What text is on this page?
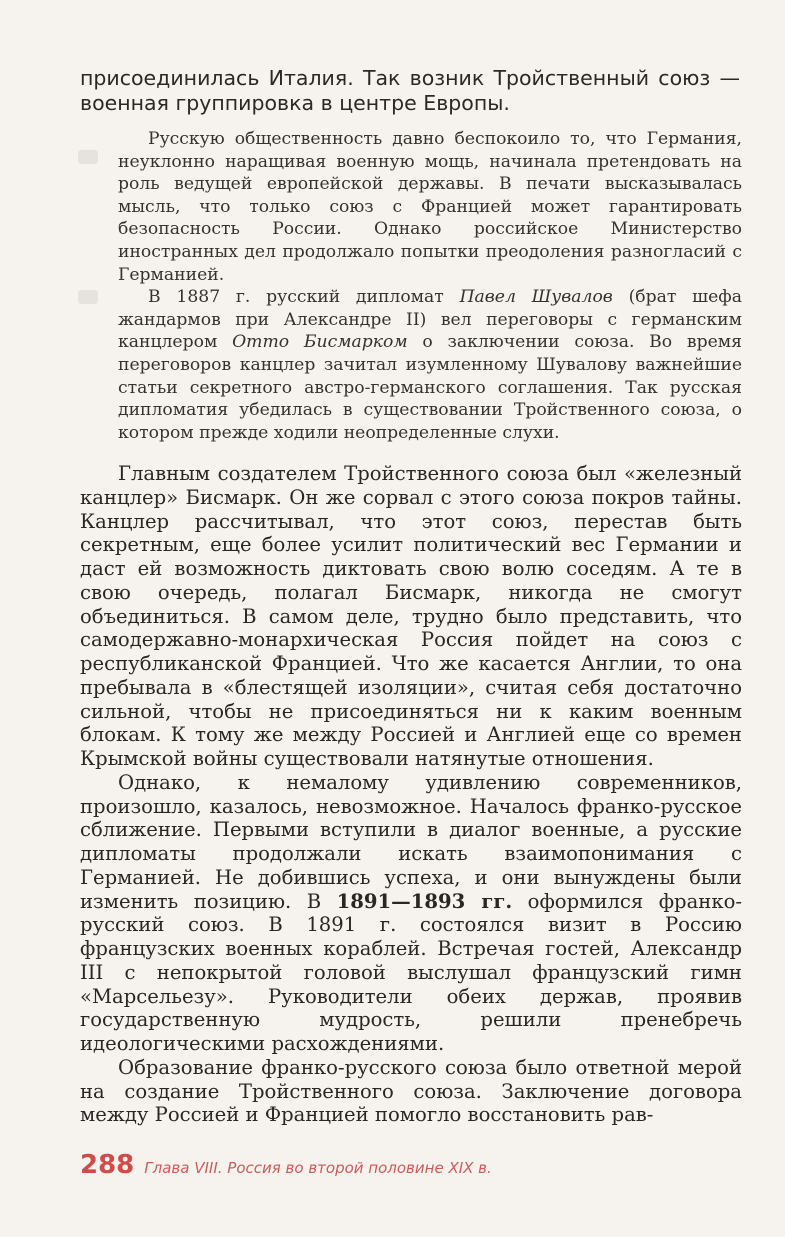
присоединилась Италия. Так возник Тройственный союз — военная группировка в центре Европы.

Русскую общественность давно беспокоило то, что Германия, неуклонно наращивая военную мощь, начинала претендовать на роль ведущей европейской державы. В печати высказывалась мысль, что только союз с Францией может гарантировать безопасность России. Однако российское Министерство иностранных дел продолжало попытки преодоления разногласий с Германией.

В 1887 г. русский дипломат Павел Шувалов (брат шефа жандармов при Александре II) вел переговоры с германским канцлером Отто Бисмарком о заключении союза. Во время переговоров канцлер зачитал изумленному Шувалову важнейшие статьи секретного австро-германского соглашения. Так русская дипломатия убедилась в существовании Тройственного союза, о котором прежде ходили неопределенные слухи.

Главным создателем Тройственного союза был «железный канцлер» Бисмарк. Он же сорвал с этого союза покров тайны. Канцлер рассчитывал, что этот союз, перестав быть секретным, еще более усилит политический вес Германии и даст ей возможность диктовать свою волю соседям. А те в свою очередь, полагал Бисмарк, никогда не смогут объединиться. В самом деле, трудно было представить, что самодержавно-монархическая Россия пойдет на союз с республиканской Францией. Что же касается Англии, то она пребывала в «блестящей изоляции», считая себя достаточно сильной, чтобы не присоединяться ни к каким военным блокам. К тому же между Россией и Англией еще со времен Крымской войны существовали натянутые отношения.

Однако, к немалому удивлению современников, произошло, казалось, невозможное. Началось франко-русское сближение. Первыми вступили в диалог военные, а русские дипломаты продолжали искать взаимопонимания с Германией. Не добившись успеха, и они вынуждены были изменить позицию. В 1891—1893 гг. оформился франко-русский союз. В 1891 г. состоялся визит в Россию французских военных кораблей. Встречая гостей, Александр III с непокрытой головой выслушал французский гимн «Марсельезу». Руководители обеих держав, проявив государственную мудрость, решили пренебречь идеологическими расхождениями.

Образование франко-русского союза было ответной мерой на создание Тройственного союза. Заключение договора между Россией и Францией помогло восстановить рав-

288 Глава VIII. Россия во второй половине XIX в.
